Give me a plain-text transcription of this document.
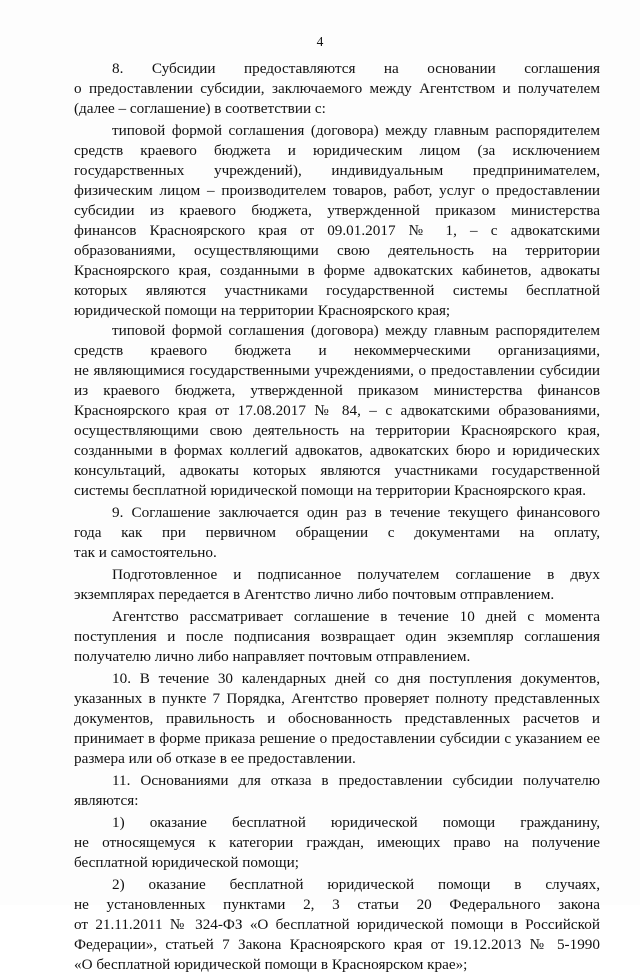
4
8. Субсидии предоставляются на основании соглашения
о предоставлении субсидии, заключаемого между Агентством и получателем
(далее – соглашение) в соответствии с:
типовой формой соглашения (договора) между главным распорядителем
средств краевого бюджета и юридическим лицом (за исключением
государственных учреждений), индивидуальным предпринимателем,
физическим лицом – производителем товаров, работ, услуг о предоставлении
субсидии из краевого бюджета, утвержденной приказом министерства
финансов Красноярского края от 09.01.2017 № 1, – с адвокатскими
образованиями, осуществляющими свою деятельность на территории
Красноярского края, созданными в форме адвокатских кабинетов, адвокаты
которых являются участниками государственной системы бесплатной
юридической помощи на территории Красноярского края;
типовой формой соглашения (договора) между главным распорядителем
средств краевого бюджета и некоммерческими организациями,
не являющимися государственными учреждениями, о предоставлении субсидии
из краевого бюджета, утвержденной приказом министерства финансов
Красноярского края от 17.08.2017 № 84, – с адвокатскими образованиями,
осуществляющими свою деятельность на территории Красноярского края,
созданными в формах коллегий адвокатов, адвокатских бюро и юридических
консультаций, адвокаты которых являются участниками государственной
системы бесплатной юридической помощи на территории Красноярского края.
9. Соглашение заключается один раз в течение текущего финансового
года как при первичном обращении с документами на оплату,
так и самостоятельно.
Подготовленное и подписанное получателем соглашение в двух
экземплярах передается в Агентство лично либо почтовым отправлением.
Агентство рассматривает соглашение в течение 10 дней с момента
поступления и после подписания возвращает один экземпляр соглашения
получателю лично либо направляет почтовым отправлением.
10. В течение 30 календарных дней со дня поступления документов,
указанных в пункте 7 Порядка, Агентство проверяет полноту представленных
документов, правильность и обоснованность представленных расчетов и
принимает в форме приказа решение о предоставлении субсидии с указанием ее
размера или об отказе в ее предоставлении.
11. Основаниями для отказа в предоставлении субсидии получателю
являются:
1) оказание бесплатной юридической помощи гражданину,
не относящемуся к категории граждан, имеющих право на получение
бесплатной юридической помощи;
2) оказание бесплатной юридической помощи в случаях,
не установленных пунктами 2, 3 статьи 20 Федерального закона
от 21.11.2011 № 324-ФЗ «О бесплатной юридической помощи в Российской
Федерации», статьей 7 Закона Красноярского края от 19.12.2013 № 5-1990
«О бесплатной юридической помощи в Красноярском крае»;
